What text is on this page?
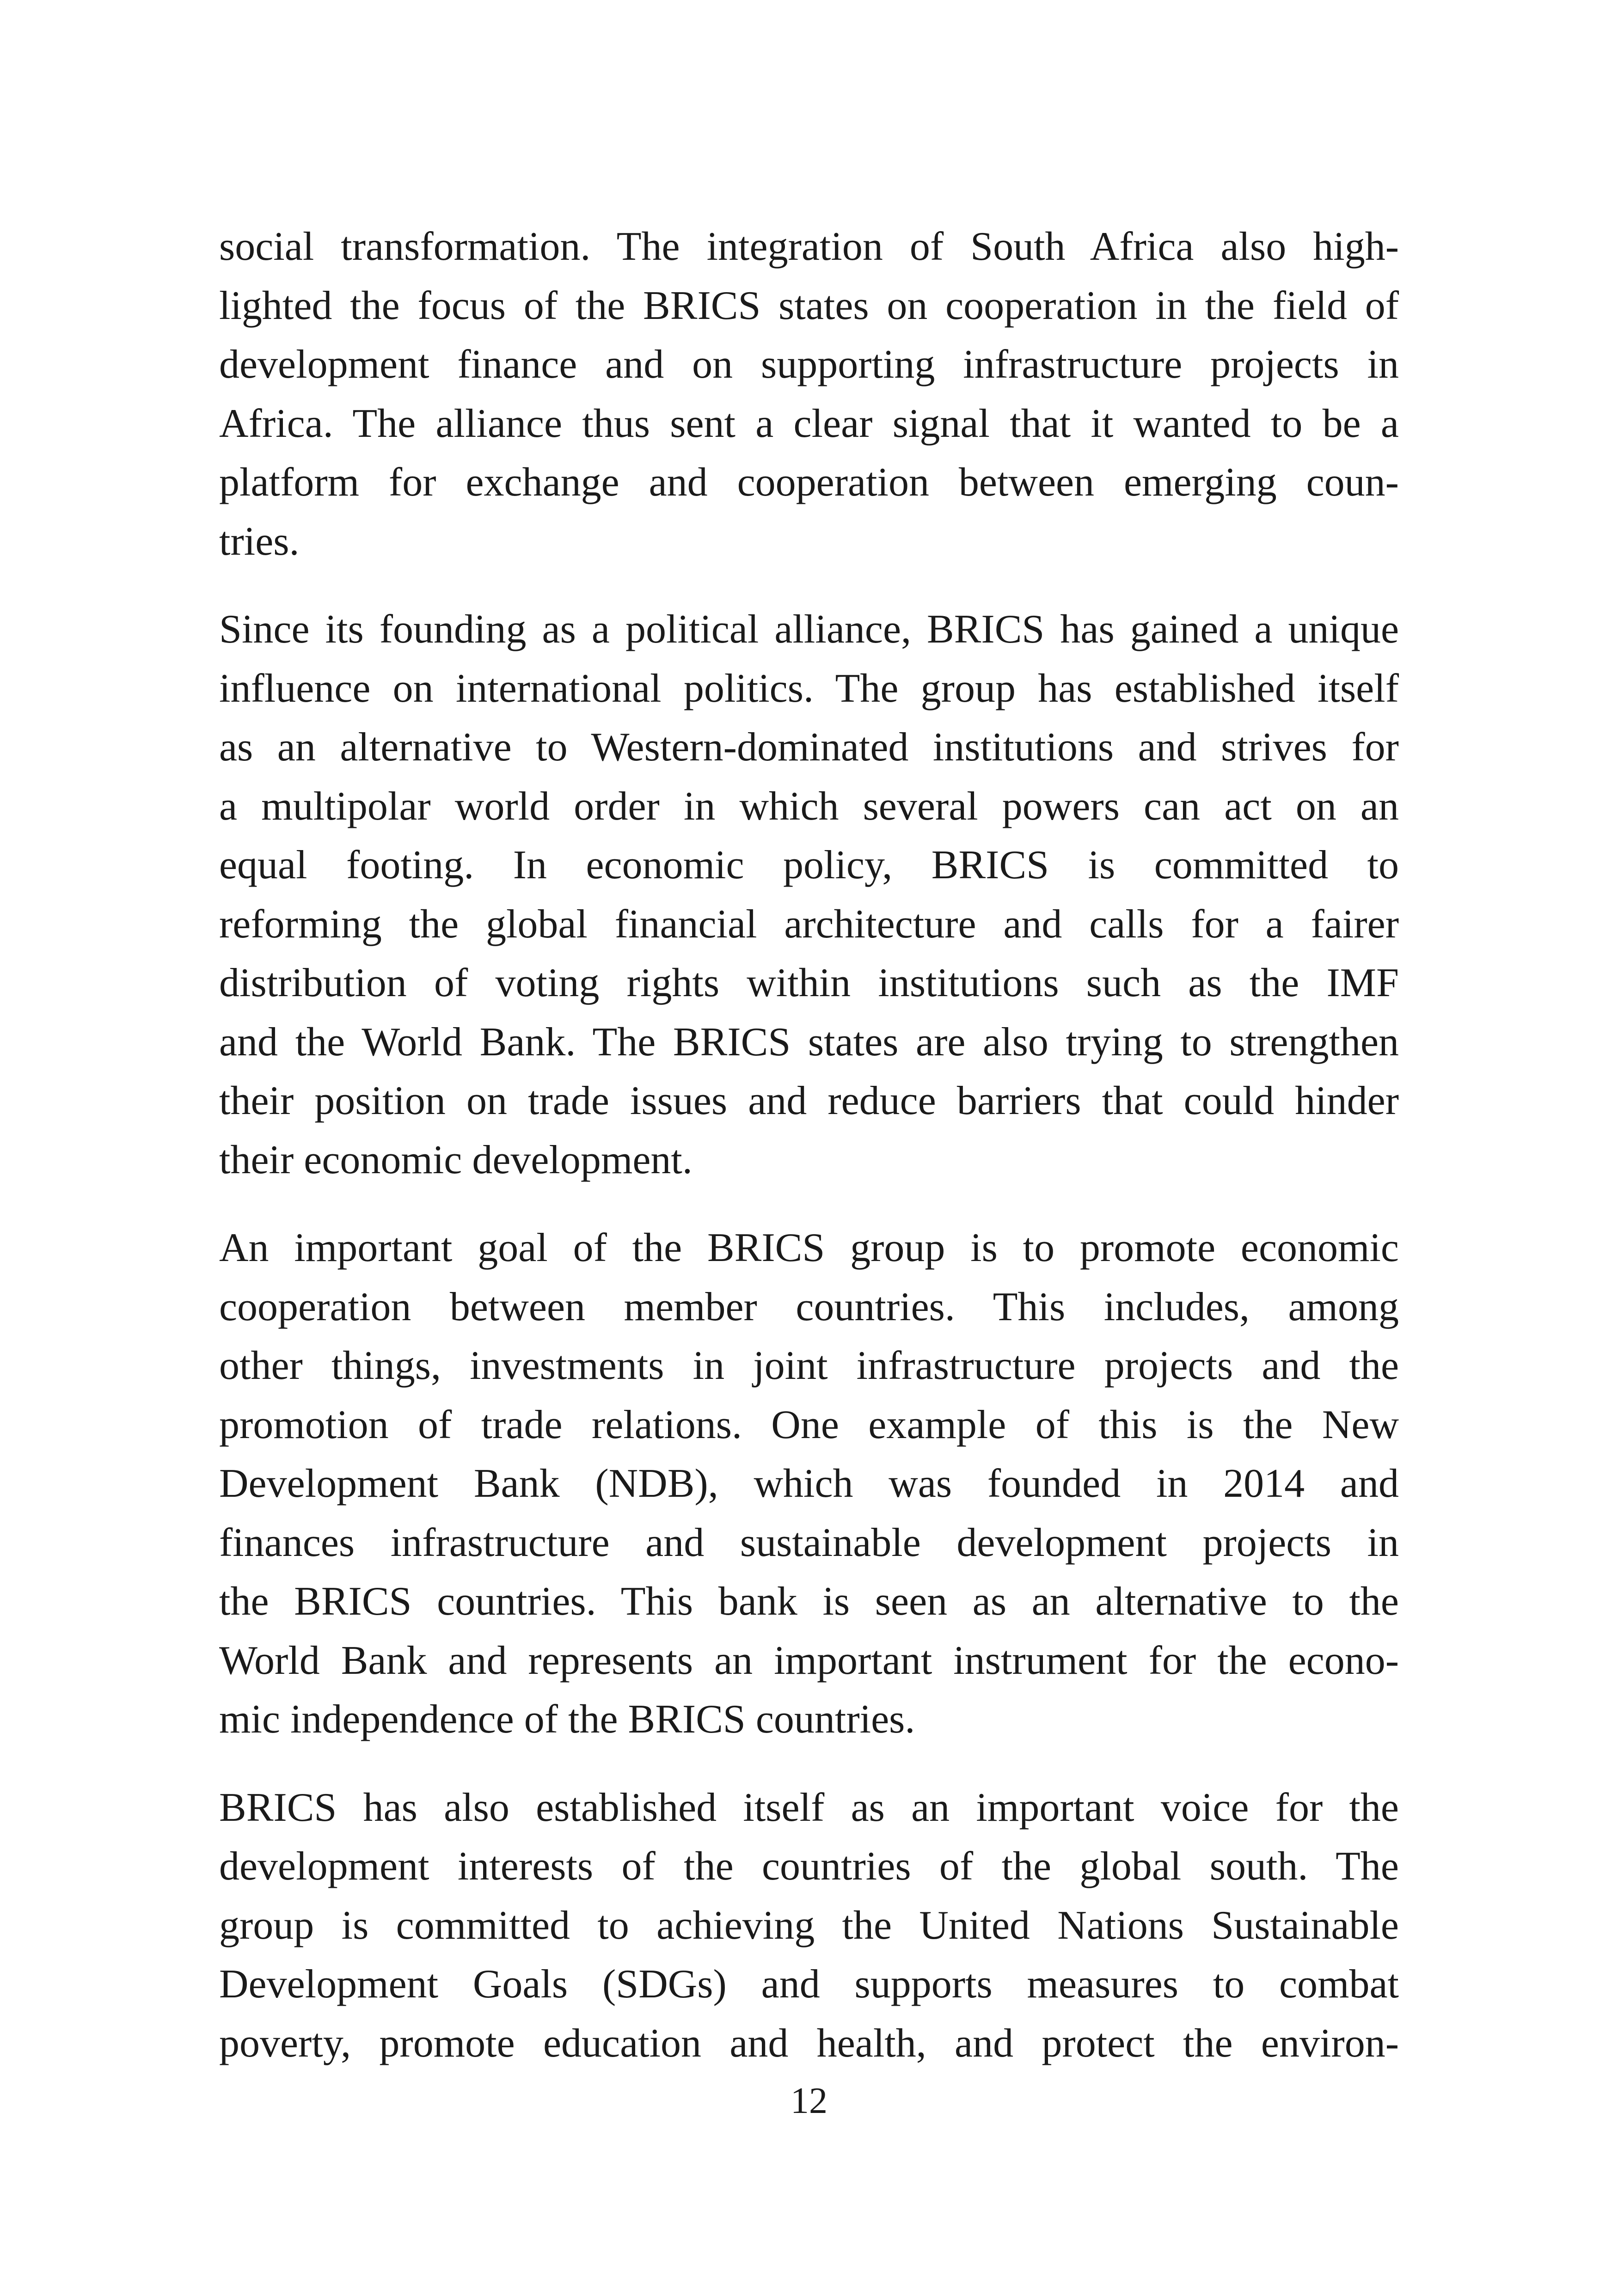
social transformation. The integration of South Africa also high-
lighted the focus of the BRICS states on cooperation in the field of
development finance and on supporting infrastructure projects in
Africa. The alliance thus sent a clear signal that it wanted to be a
platform for exchange and cooperation between emerging coun-
tries.

Since its founding as a political alliance, BRICS has gained a unique
influence on international politics. The group has established itself
as an alternative to Western-dominated institutions and strives for
a multipolar world order in which several powers can act on an
equal footing. In economic policy, BRICS is committed to
reforming the global financial architecture and calls for a fairer
distribution of voting rights within institutions such as the IMF
and the World Bank. The BRICS states are also trying to strengthen
their position on trade issues and reduce barriers that could hinder
their economic development.

An important goal of the BRICS group is to promote economic
cooperation between member countries. This includes, among
other things, investments in joint infrastructure projects and the
promotion of trade relations. One example of this is the New
Development Bank (NDB), which was founded in 2014 and
finances infrastructure and sustainable development projects in
the BRICS countries. This bank is seen as an alternative to the
World Bank and represents an important instrument for the econo-
mic independence of the BRICS countries.

BRICS has also established itself as an important voice for the
development interests of the countries of the global south. The
group is committed to achieving the United Nations Sustainable
Development Goals (SDGs) and supports measures to combat
poverty, promote education and health, and protect the environ-

12
